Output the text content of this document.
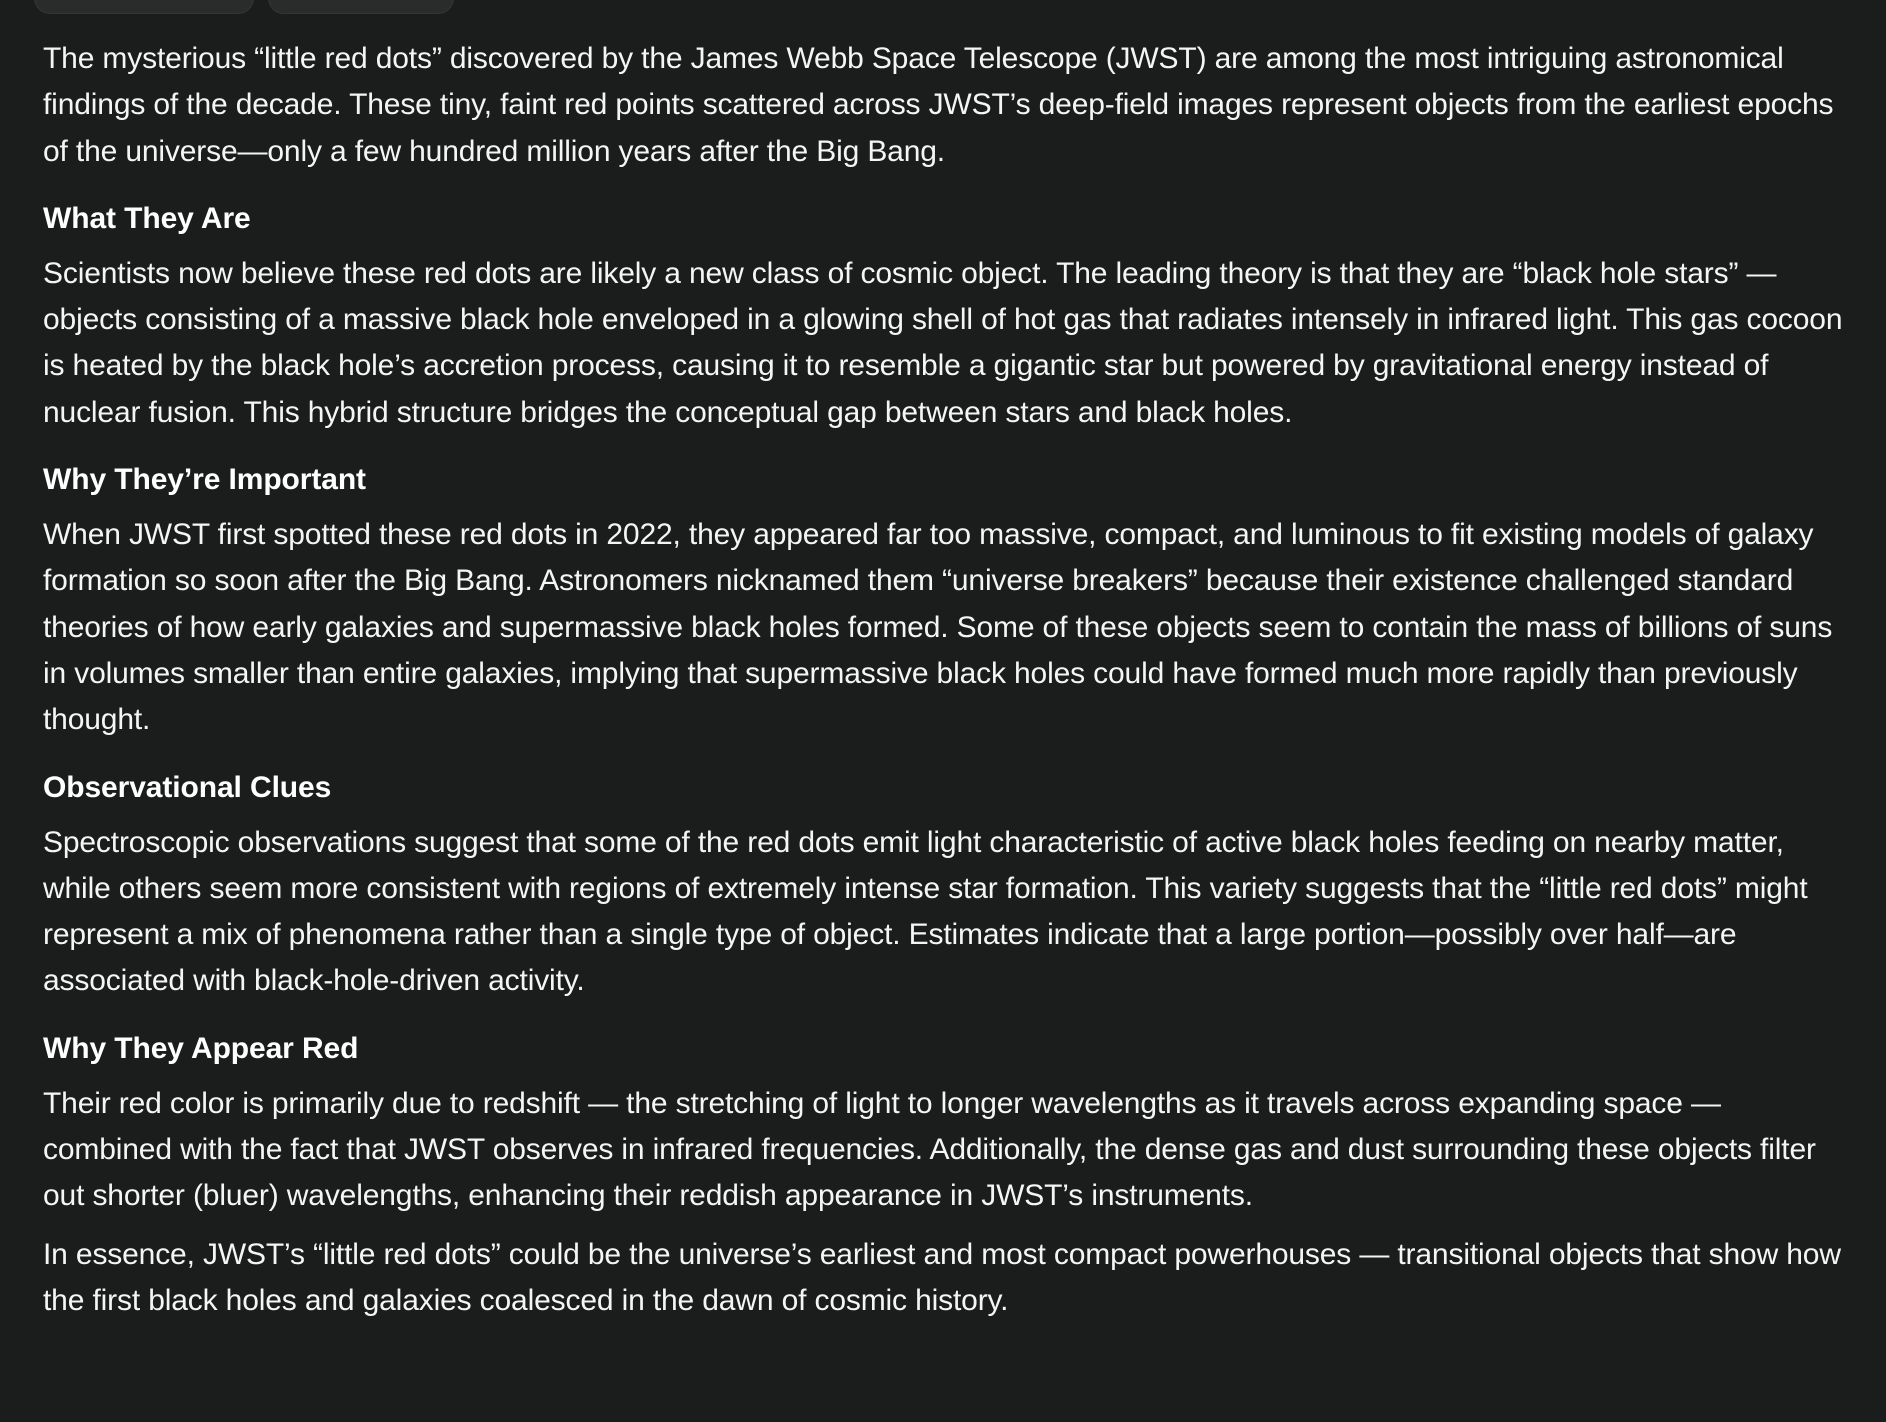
The mysterious “little red dots” discovered by the James Webb Space Telescope (JWST) are among the most intriguing astronomical findings of the decade. These tiny, faint red points scattered across JWST’s deep-field images represent objects from the earliest epochs of the universe—only a few hundred million years after the Big Bang.

What They Are

Scientists now believe these red dots are likely a new class of cosmic object. The leading theory is that they are “black hole stars” — objects consisting of a massive black hole enveloped in a glowing shell of hot gas that radiates intensely in infrared light. This gas cocoon is heated by the black hole’s accretion process, causing it to resemble a gigantic star but powered by gravitational energy instead of nuclear fusion. This hybrid structure bridges the conceptual gap between stars and black holes.

Why They’re Important

When JWST first spotted these red dots in 2022, they appeared far too massive, compact, and luminous to fit existing models of galaxy formation so soon after the Big Bang. Astronomers nicknamed them “universe breakers” because their existence challenged standard theories of how early galaxies and supermassive black holes formed. Some of these objects seem to contain the mass of billions of suns in volumes smaller than entire galaxies, implying that supermassive black holes could have formed much more rapidly than previously thought.

Observational Clues

Spectroscopic observations suggest that some of the red dots emit light characteristic of active black holes feeding on nearby matter, while others seem more consistent with regions of extremely intense star formation. This variety suggests that the “little red dots” might represent a mix of phenomena rather than a single type of object. Estimates indicate that a large portion—possibly over half—are associated with black-hole-driven activity.

Why They Appear Red

Their red color is primarily due to redshift — the stretching of light to longer wavelengths as it travels across expanding space — combined with the fact that JWST observes in infrared frequencies. Additionally, the dense gas and dust surrounding these objects filter out shorter (bluer) wavelengths, enhancing their reddish appearance in JWST’s instruments.

In essence, JWST’s “little red dots” could be the universe’s earliest and most compact powerhouses — transitional objects that show how the first black holes and galaxies coalesced in the dawn of cosmic history.
